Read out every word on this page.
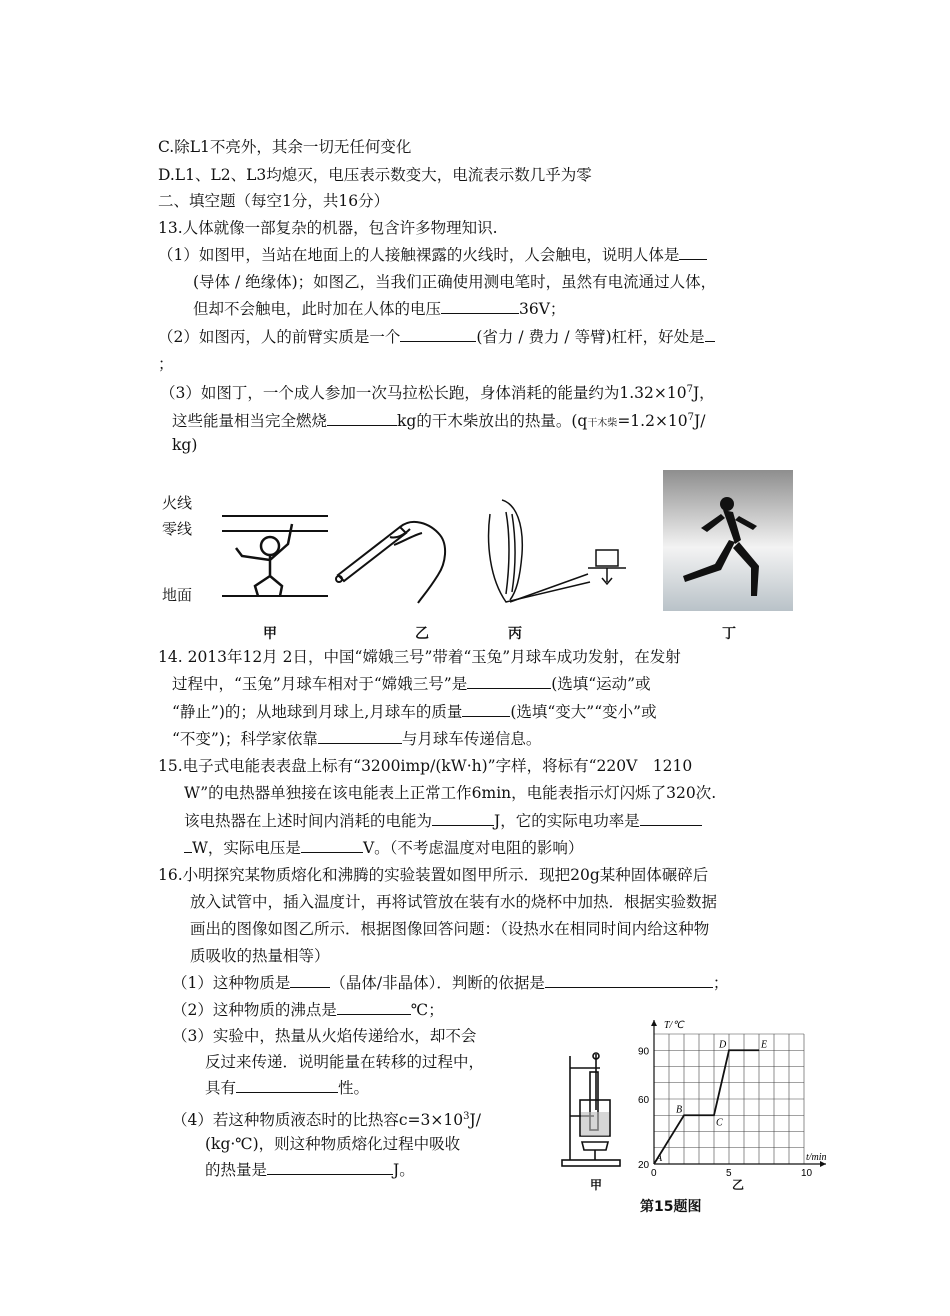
C.除L1不亮外，其余一切无任何变化
D.L1、L2、L3均熄灭，电压表示数变大，电流表示数几乎为零
二、填空题（每空1分，共16分）
13.人体就像一部复杂的机器，包含许多物理知识.
（1）如图甲，当站在地面上的人接触裸露的火线时，人会触电，说明人体是
(导体 / 绝缘体)；如图乙，当我们正确使用测电笔时，虽然有电流通过人体，
但却不会触电，此时加在人体的电压	36V；
（2）如图丙，人的前臂实质是一个	(省力 / 费力 / 等臂)杠杆，好处是
；
（3）如图丁，一个成人参加一次马拉松长跑，身体消耗的能量约为$1.32\times 10^7J$，
这些能量相当完全燃烧	kg的干木柴放出的热量。(q干木柴$=1.2\times 10^7J/$
kg)
火线
零线
地面
甲	乙	丙	丁
14. 2013年12月 2日，中国“嫦娥三号”带着“玉兔”月球车成功发射，在发射
过程中，“玉兔”月球车相对于“嫦娥三号”是	(选填“运动”或
“静止”)的；从地球到月球上,月球车的质量	(选填“变大”“变小”或
“不变”)；科学家依靠	与月球车传递信息。
15.电子式电能表表盘上标有“3200imp/(kW·h)”字样，将标有“220V　1210
W”的电热器单独接在该电能表上正常工作6min，电能表指示灯闪烁了320次.
该电热器在上述时间内消耗的电能为	J，它的实际电功率是
W，实际电压是	V。（不考虑温度对电阻的影响）
16.小明探究某物质熔化和沸腾的实验装置如图甲所示．现把20g某种固体碾碎后
放入试管中，插入温度计，再将试管放在装有水的烧杯中加热．根据实验数据
画出的图像如图乙所示．根据图像回答问题：（设热水在相同时间内给这种物
质吸收的热量相等）
（1）这种物质是	（晶体/非晶体）．判断的依据是	；
（2）这种物质的沸点是	℃；
（3）实验中，热量从火焰传递给水，却不会
反过来传递．说明能量在转移的过程中，
具有	性。
（4）若这种物质液态时的比热容$c=3\times 10^3J/$
(kg·℃)，则这种物质熔化过程中吸收
的热量是	J。
甲
T/℃
t/min
0	5	10
20
60
90
A
B
C
D	E
乙
第15题图
